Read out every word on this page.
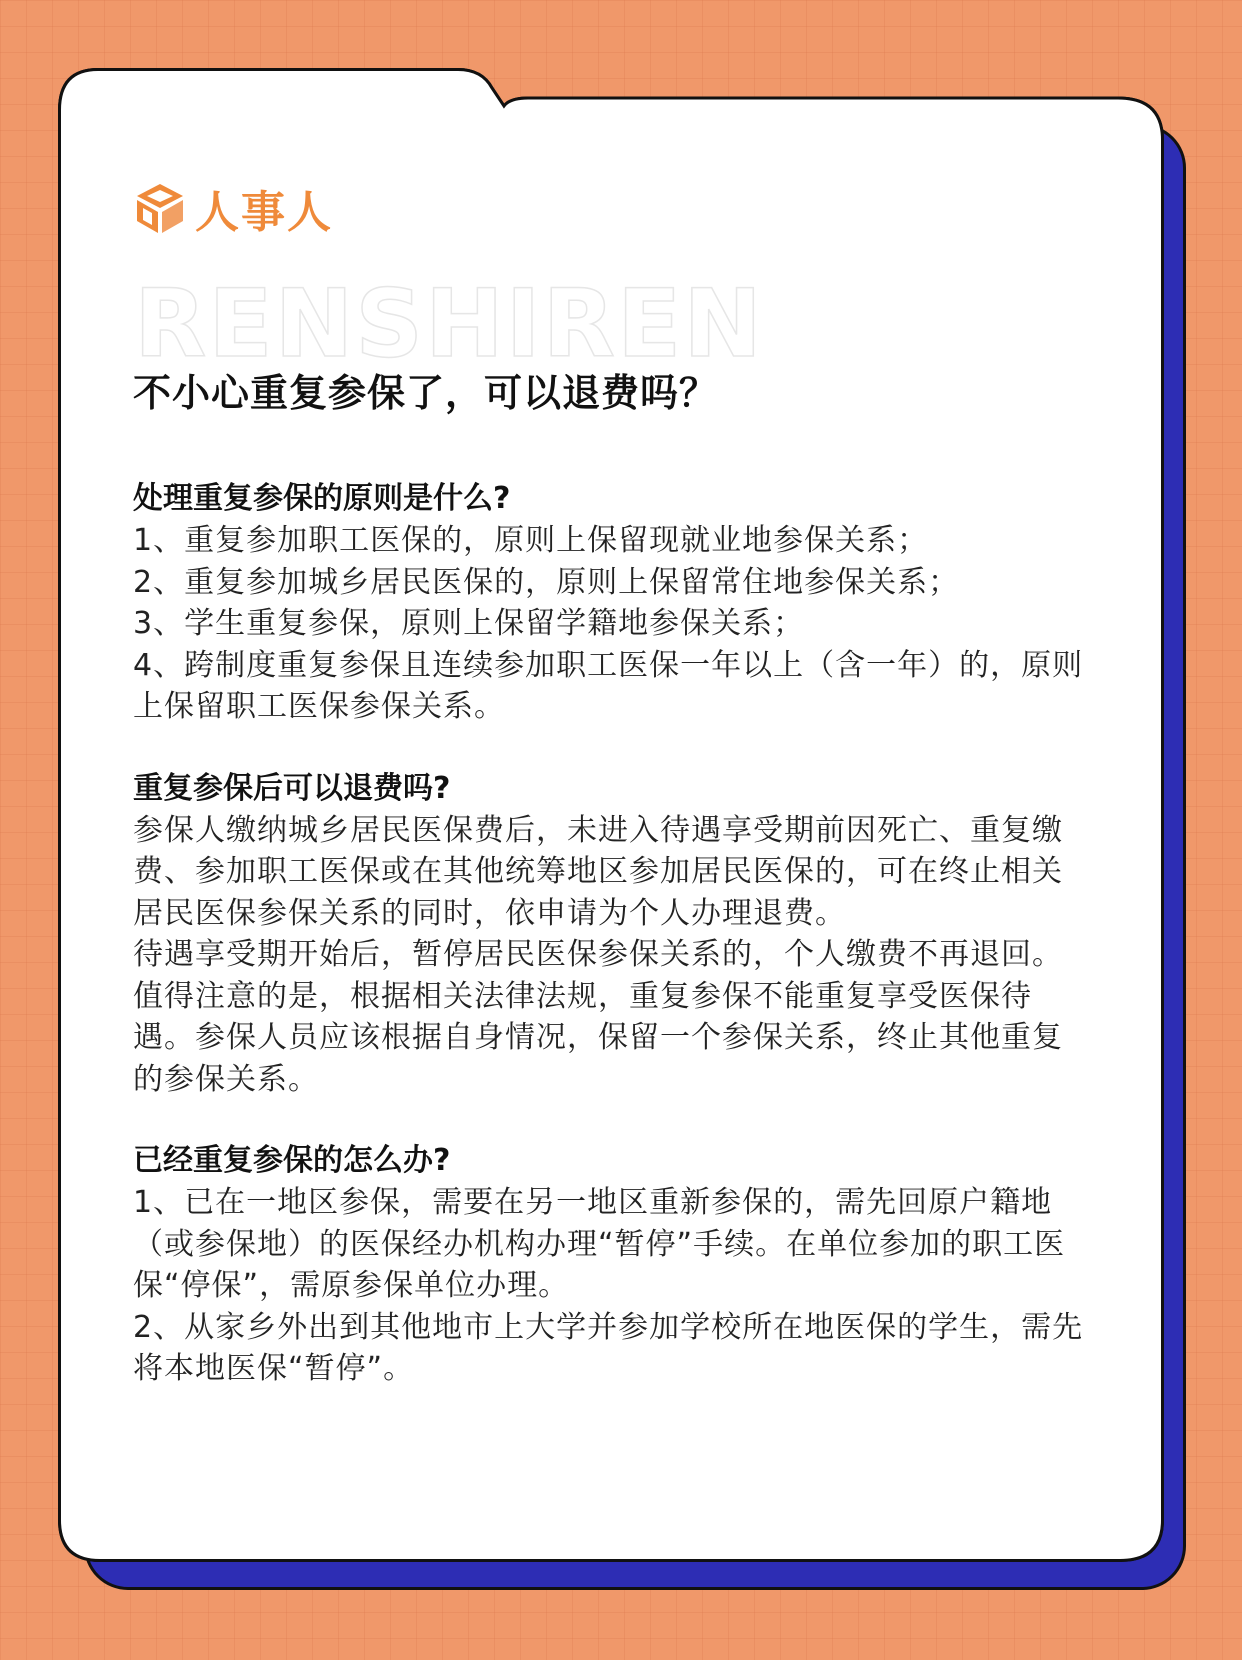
人事人
RENSHIREN
不小心重复参保了，可以退费吗？
处理重复参保的原则是什么?

1、重复参加职工医保的，原则上保留现就业地参保关系；

2、重复参加城乡居民医保的，原则上保留常住地参保关系；

3、学生重复参保，原则上保留学籍地参保关系；

4、跨制度重复参保且连续参加职工医保一年以上（含一年）的，原则上保留职工医保参保关系。

重复参保后可以退费吗?

参保人缴纳城乡居民医保费后，未进入待遇享受期前因死亡、重复缴费、参加职工医保或在其他统筹地区参加居民医保的，可在终止相关居民医保参保关系的同时，依申请为个人办理退费。

待遇享受期开始后，暂停居民医保参保关系的，个人缴费不再退回。

值得注意的是，根据相关法律法规，重复参保不能重复享受医保待遇。参保人员应该根据自身情况，保留一个参保关系，终止其他重复的参保关系。

已经重复参保的怎么办?

1、已在一地区参保，需要在另一地区重新参保的，需先回原户籍地（或参保地）的医保经办机构办理“暂停”手续。在单位参加的职工医保“停保”，需原参保单位办理。

2、从家乡外出到其他地市上大学并参加学校所在地医保的学生，需先将本地医保“暂停”。
